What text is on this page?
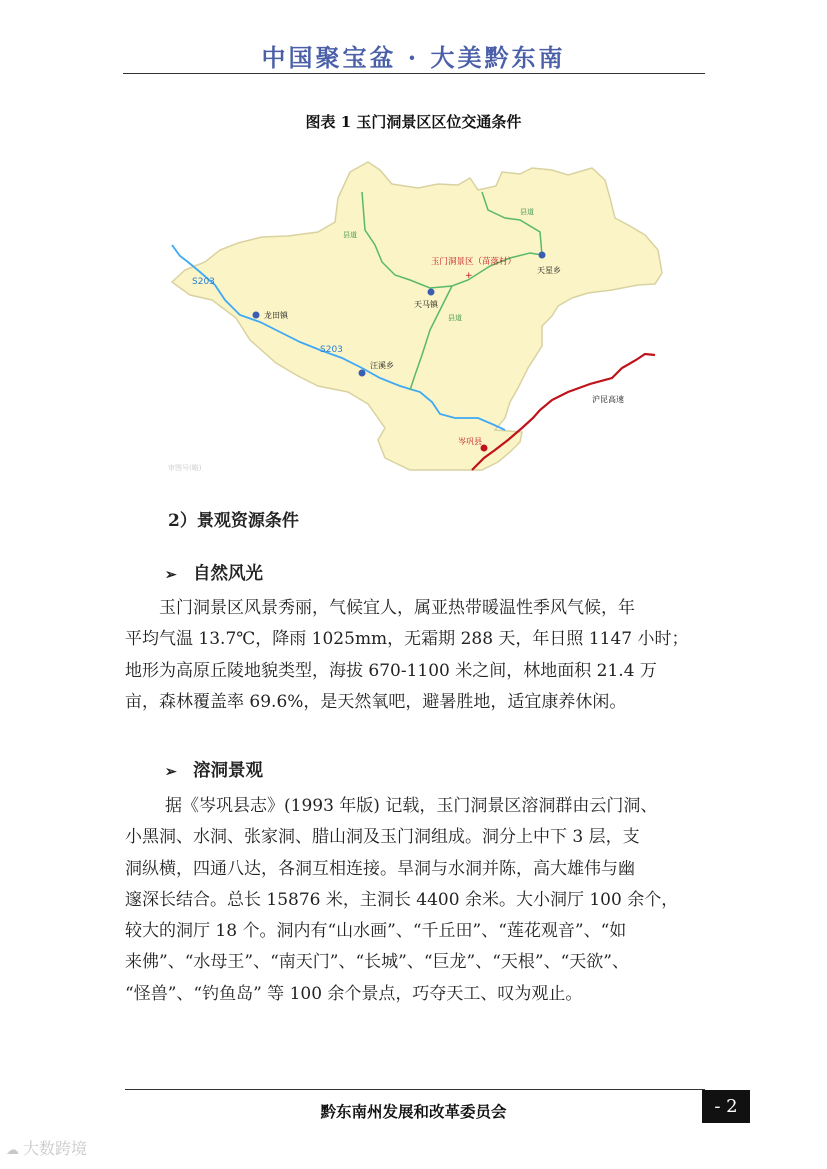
中国聚宝盆 · 大美黔东南
图表 1 玉门洞景区区位交通条件
S203
S203
县道
县道
县道
+
玉门洞景区（苗落村）
天星乡
天马镇
龙田镇
汪溪乡
沪昆高速
岑巩县
审图号(略)
2）景观资源条件
➢ 自然风光

玉门洞景区风景秀丽，气候宜人，属亚热带暖温性季风气候，年

平均气温 13.7℃，降雨 1025mm，无霜期 288 天，年日照 1147 小时；

地形为高原丘陵地貌类型，海拔 670-1100 米之间，林地面积 21.4 万

亩，森林覆盖率 69.6%，是天然氧吧，避暑胜地，适宜康养休闲。

➢ 溶洞景观

据《岑巩县志》(1993 年版) 记载，玉门洞景区溶洞群由云门洞、

小黑洞、水洞、张家洞、腊山洞及玉门洞组成。洞分上中下 3 层，支

洞纵横，四通八达，各洞互相连接。旱洞与水洞并陈，高大雄伟与幽

邃深长结合。总长 15876 米，主洞长 4400 余米。大小洞厅 100 余个，

较大的洞厅 18 个。洞内有“山水画”、“千丘田”、“莲花观音”、“如

来佛”、“水母王”、“南天门”、“长城”、“巨龙”、“天根”、“天欲”、

“怪兽”、“钓鱼岛” 等 100 余个景点，巧夺天工、叹为观止。

黔东南州发展和改革委员会	- 2
☁ 大数跨境
